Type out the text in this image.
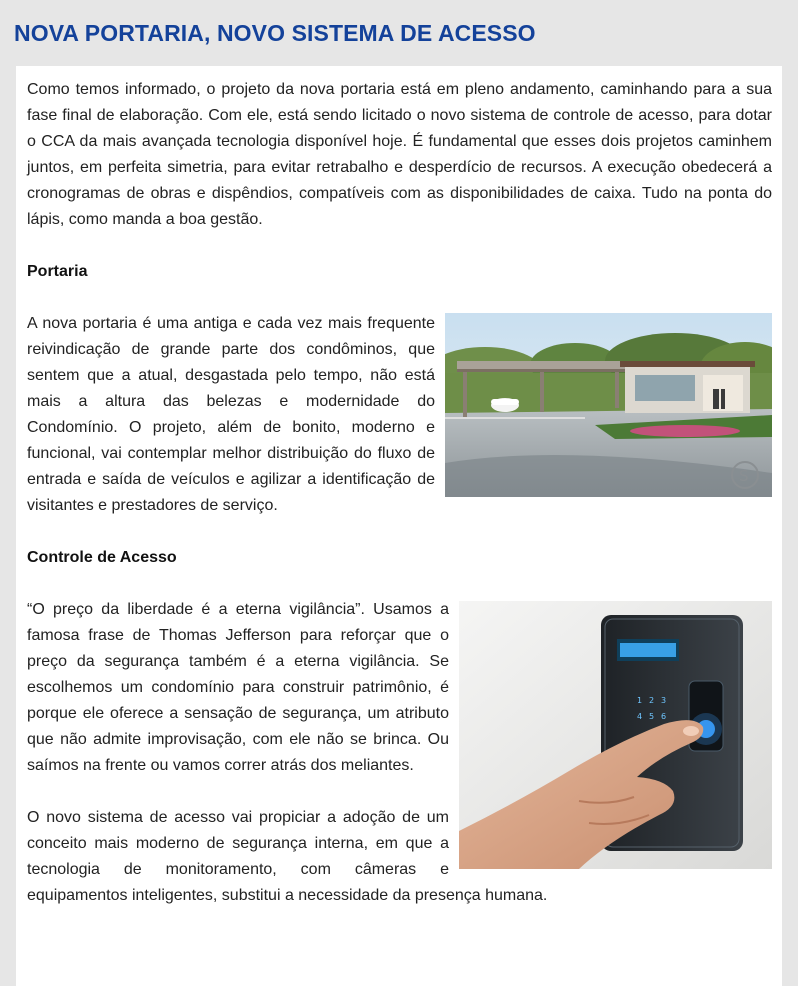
NOVA PORTARIA, NOVO SISTEMA DE ACESSO

Como temos informado, o projeto da nova portaria está em pleno andamento, caminhando para a sua fase final de elaboração. Com ele, está sendo licitado o novo sistema de controle de acesso, para dotar o CCA da mais avançada tecnologia disponível hoje. É fundamental que esses dois projetos caminhem juntos, em perfeita simetria, para evitar retrabalho e desperdício de recursos. A execução obedecerá a cronogramas de obras e dispêndios, compatíveis com as disponibilidades de caixa. Tudo na ponta do lápis, como manda a boa gestão.

Portaria

S

A nova portaria é uma antiga e cada vez mais frequente reivindicação de grande parte dos condôminos, que sentem que a atual, desgastada pelo tempo, não está mais a altura das belezas e modernidade do Condomínio. O projeto, além de bonito, moderno e funcional, vai contemplar melhor distribuição do fluxo de entrada e saída de veículos e agilizar a identificação de visitantes e prestadores de serviço.

Controle de Acesso

1 2 3
4 5 6

“O preço da liberdade é a eterna vigilância”. Usamos a famosa frase de Thomas Jefferson para reforçar que o preço da segurança também é a eterna vigilância. Se escolhemos um condomínio para construir patrimônio, é porque ele oferece a sensação de segurança, um atributo que não admite improvisação, com ele não se brinca. Ou saímos na frente ou vamos correr atrás dos meliantes.

O novo sistema de acesso vai propiciar a adoção de um conceito mais moderno de segurança interna, em que a tecnologia de monitoramento, com câmeras e equipamentos inteligentes, substitui a necessidade da presença humana.
